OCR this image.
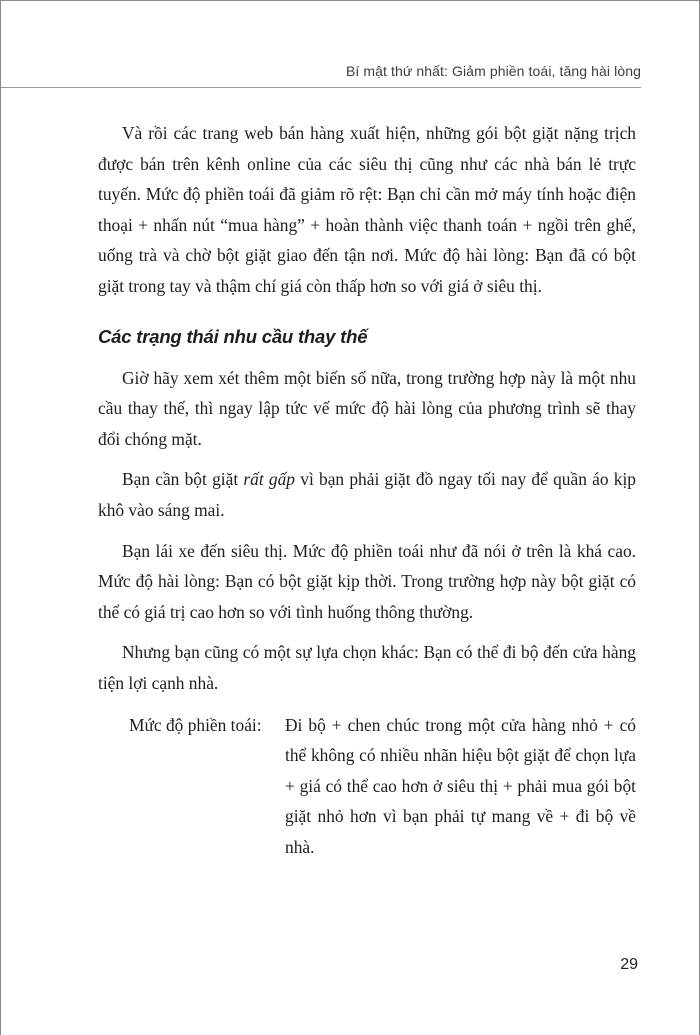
Bí mật thứ nhất: Giảm phiền toái, tăng hài lòng

Và rồi các trang web bán hàng xuất hiện, những gói bột giặt nặng trịch được bán trên kênh online của các siêu thị cũng như các nhà bán lẻ trực tuyến. Mức độ phiền toái đã giảm rõ rệt: Bạn chỉ cần mở máy tính hoặc điện thoại + nhấn nút “mua hàng” + hoàn thành việc thanh toán + ngồi trên ghế, uống trà và chờ bột giặt giao đến tận nơi. Mức độ hài lòng: Bạn đã có bột giặt trong tay và thậm chí giá còn thấp hơn so với giá ở siêu thị.

Các trạng thái nhu cầu thay thế

Giờ hãy xem xét thêm một biến số nữa, trong trường hợp này là một nhu cầu thay thế, thì ngay lập tức vế mức độ hài lòng của phương trình sẽ thay đổi chóng mặt.

Bạn cần bột giặt rất gấp vì bạn phải giặt đồ ngay tối nay để quần áo kịp khô vào sáng mai.

Bạn lái xe đến siêu thị. Mức độ phiền toái như đã nói ở trên là khá cao. Mức độ hài lòng: Bạn có bột giặt kịp thời. Trong trường hợp này bột giặt có thể có giá trị cao hơn so với tình huống thông thường.

Nhưng bạn cũng có một sự lựa chọn khác: Bạn có thể đi bộ đến cửa hàng tiện lợi cạnh nhà.

Mức độ phiền toái:	Đi bộ + chen chúc trong một cửa hàng nhỏ + có thể không có nhiều nhãn hiệu bột giặt để chọn lựa + giá có thể cao hơn ở siêu thị + phải mua gói bột giặt nhỏ hơn vì bạn phải tự mang về + đi bộ về nhà.
29
